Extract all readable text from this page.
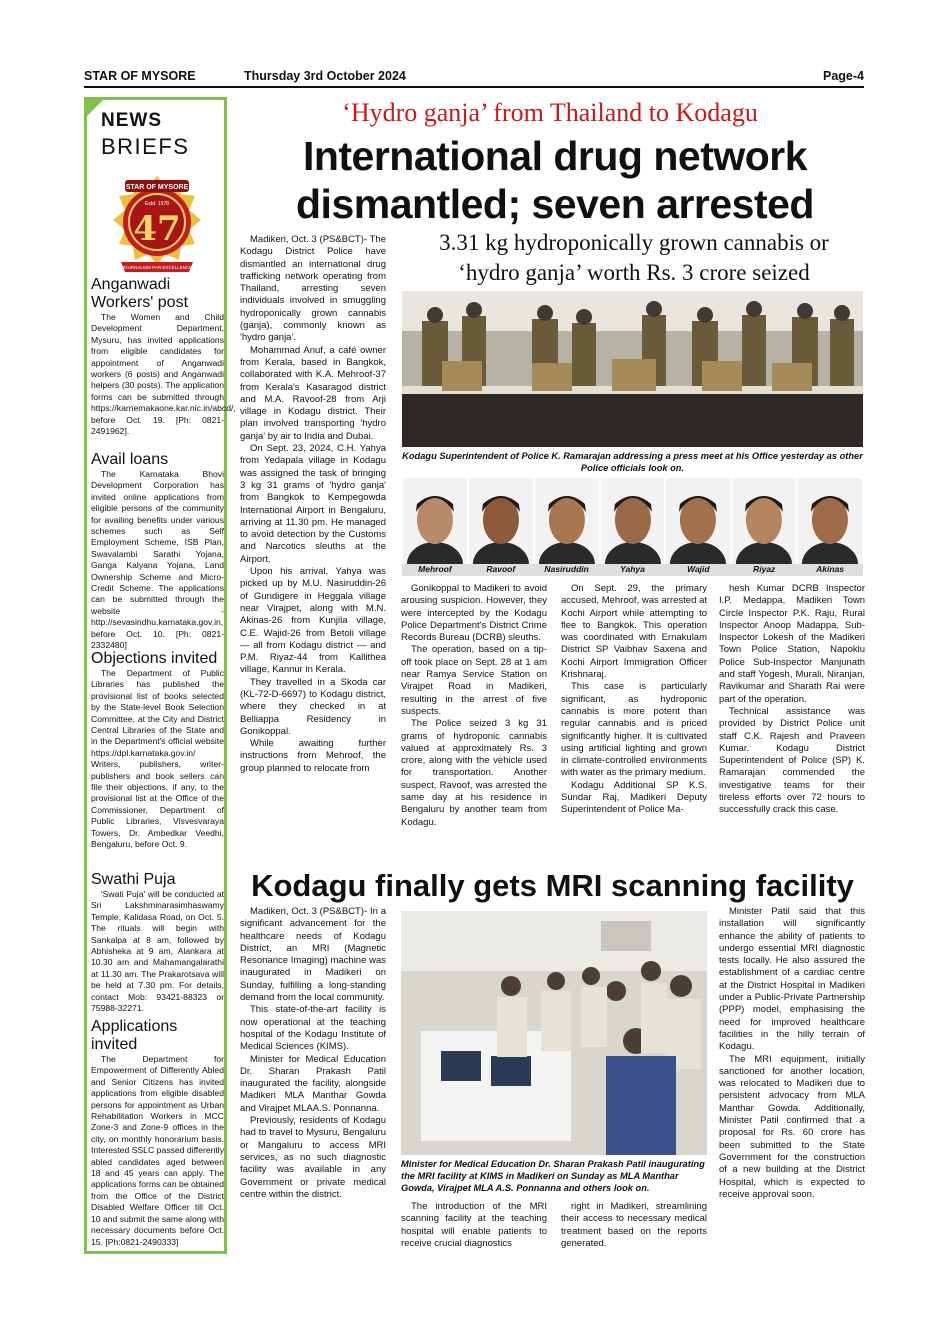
STAR OF MYSORE	Thursday 3rd October 2024	Page-4
NEWS
BRIEFS
STAR OF MYSORE
Estd. 1978
47
JOURNALISM PAR EXCELLENCE
Anganwadi Workers' post

The Women and Child Development Department, Mysuru, has invited applications from eligible candidates for appointment of Anganwadi workers (6 posts) and Anganwadi helpers (30 posts). The application forms can be submitted through https://karnemakaone.kar.nic.in/abcd/, before Oct. 19. [Ph: 0821-2491962].

Avail loans

The Karnataka Bhovi Development Corporation has invited online applications from eligible persons of the community for availing benefits under various schemes such as Self Employment Scheme, ISB Plan, Swavalambi Sarathi Yojana, Ganga Kalyana Yojana, Land Ownership Scheme and Micro-Credit Scheme. The applications can be submitted through the website - http://sevasindhu.karnataka.gov.in, before Oct. 10. [Ph: 0821-2332480]

Objections invited

The Department of Public Libraries has published the provisional list of books selected by the State-level Book Selection Committee, at the City and District Central Libraries of the State and in the Department's official website https://dpl.karnataka.gov.in/ Writers, publishers, writer-publishers and book sellers can file their objections, if any, to the provisional list at the Office of the Commissioner, Department of Public Libraries, Visvesvaraya Towers, Dr. Ambedkar Veedhi, Bengaluru, before Oct. 9.

Swathi Puja

'Swati Puja' will be conducted at Sri Lakshminarasimhaswamy Temple, Kalidasa Road, on Oct. 5. The rituals will begin with Sankalpa at 8 am, followed by Abhisheka at 9 am, Alankara at 10.30 am and Mahamangalarathi at 11.30 am. The Prakarotsava will be held at 7.30 pm. For details, contact Mob: 93421-88323 or 75988-32271.

Applications invited

The Department for Empowerment of Differently Abled and Senior Citizens has invited applications from eligible disabled persons for appointment as Urban Rehabilitation Workers in MCC Zone-3 and Zone-9 offices in the city, on monthly honorarium basis. Interested SSLC passed differently abled candidates aged between 18 and 45 years can apply. The applications forms can be obtained from the Office of the District Disabled Welfare Officer till Oct. 10 and submit the same along with necessary documents before Oct. 15. [Ph:0821-2490333]

‘Hydro ganja’ from Thailand to Kodagu
International drug network
dismantled; seven arrested
3.31 kg hydroponically grown cannabis or
‘hydro ganja’ worth Rs. 3 crore seized

Madikeri, Oct. 3 (PS&BCT)- The Kodagu District Police have dismantled an international drug trafficking network operating from Thailand, arresting seven individuals involved in smuggling hydroponically grown cannabis (ganja), commonly known as 'hydro ganja'.

Mohammad Anuf, a café owner from Kerala, based in Bangkok, collaborated with K.A. Mehroof-37 from Kerala's Kasaragod district and M.A. Ravoof-28 from Arji village in Kodagu district. Their plan involved transporting 'hydro ganja' by air to India and Dubai.

On Sept. 23, 2024, C.H. Yahya from Yedapala village in Kodagu was assigned the task of bringing 3 kg 31 grams of 'hydro ganja' from Bangkok to Kempegowda International Airport in Bengaluru, arriving at 11.30 pm. He managed to avoid detection by the Customs and Narcotics sleuths at the Airport.

Upon his arrival, Yahya was picked up by M.U. Nasiruddin-26 of Gundigere in Heggala village near Virajpet, along with M.N. Akinas-26 from Kunjila village, C.E. Wajid-26 from Betoli village — all from Kodagu district — and P.M. Riyaz-44 from Kallithea village, Kannur in Kerala.

They travelled in a Skoda car (KL-72-D-6697) to Kodagu district, where they checked in at Belliappa Residency in Gonikoppal.

While awaiting further instructions from Mehroof, the group planned to relocate from

Kodagu Superintendent of Police K. Ramarajan addressing a press meet at his Office yesterday as other Police officials look on.
Mehroof	Ravoof	Nasiruddin	Yahya	Wajid	Riyaz	Akinas

Gonikoppal to Madikeri to avoid arousing suspicion. However, they were intercepted by the Kodagu Police Department's District Crime Records Bureau (DCRB) sleuths.

The operation, based on a tip-off took place on Sept. 28 at 1 am near Ramya Service Station on Virajpet Road in Madikeri, resulting in the arrest of five suspects.

The Police seized 3 kg 31 grams of hydroponic cannabis valued at approximately Rs. 3 crore, along with the vehicle used for transportation. Another suspect, Ravoof, was arrested the same day at his residence in Bengaluru by another team from Kodagu.

On Sept. 29, the primary accused, Mehroof, was arrested at Kochi Airport while attempting to flee to Bangkok. This operation was coordinated with Ernakulam District SP Vaibhav Saxena and Kochi Airport Immigration Officer Krishnaraj.

This case is particularly significant, as hydroponic cannabis is more potent than regular cannabis and is priced significantly higher. It is cultivated using artificial lighting and grown in climate-controlled environments with water as the primary medium.

Kodagu Additional SP K.S. Sundar Raj, Madikeri Deputy Superintendent of Police Ma-

hesh Kumar DCRB Inspector I.P. Medappa, Madikeri Town Circle Inspector P.K. Raju, Rural Inspector Anoop Madappa, Sub-Inspector Lokesh of the Madikeri Town Police Station, Napoklu Police Sub-Inspector Manjunath and staff Yogesh, Murali, Niranjan, Ravikumar and Sharath Rai were part of the operation.

Technical assistance was provided by District Police unit staff C.K. Rajesh and Praveen Kumar. Kodagu District Superintendent of Police (SP) K. Ramarajan commended the investigative teams for their tireless efforts over 72 hours to successfully crack this case.

Kodagu finally gets MRI scanning facility

Madikeri, Oct. 3 (PS&BCT)- In a significant advancement for the healthcare needs of Kodagu District, an MRI (Magnetic Resonance Imaging) machine was inaugurated in Madikeri on Sunday, fulfilling a long-standing demand from the local community.

This state-of-the-art facility is now operational at the teaching hospital of the Kodagu Institute of Medical Sciences (KIMS).

Minister for Medical Education Dr. Sharan Prakash Patil inaugurated the facility, alongside Madikeri MLA Manthar Gowda and Virajpet MLAA.S. Ponnanna.

Previously, residents of Kodagu had to travel to Mysuru, Bengaluru or Mangaluru to access MRI services, as no such diagnostic facility was available in any Government or private medical centre within the district.

Minister for Medical Education Dr. Sharan Prakash Patil inaugurating the MRI facility at KIMS in Madikeri on Sunday as MLA Manthar Gowda, Virajpet MLA A.S. Ponnanna and others look on.

The introduction of the MRI scanning facility at the teaching hospital will enable patients to receive crucial diagnostics

right in Madikeri, streamlining their access to necessary medical treatment based on the reports generated.

Minister Patil said that this installation will significantly enhance the ability of patients to undergo essential MRI diagnostic tests locally. He also assured the establishment of a cardiac centre at the District Hospital in Madikeri under a Public-Private Partnership (PPP) model, emphasising the need for improved healthcare facilities in the hilly terrain of Kodagu.

The MRI equipment, initially sanctioned for another location, was relocated to Madikeri due to persistent advocacy from MLA Manthar Gowda. Additionally, Minister Patil confirmed that a proposal for Rs. 60 crore has been submitted to the State Government for the construction of a new building at the District Hospital, which is expected to receive approval soon.
